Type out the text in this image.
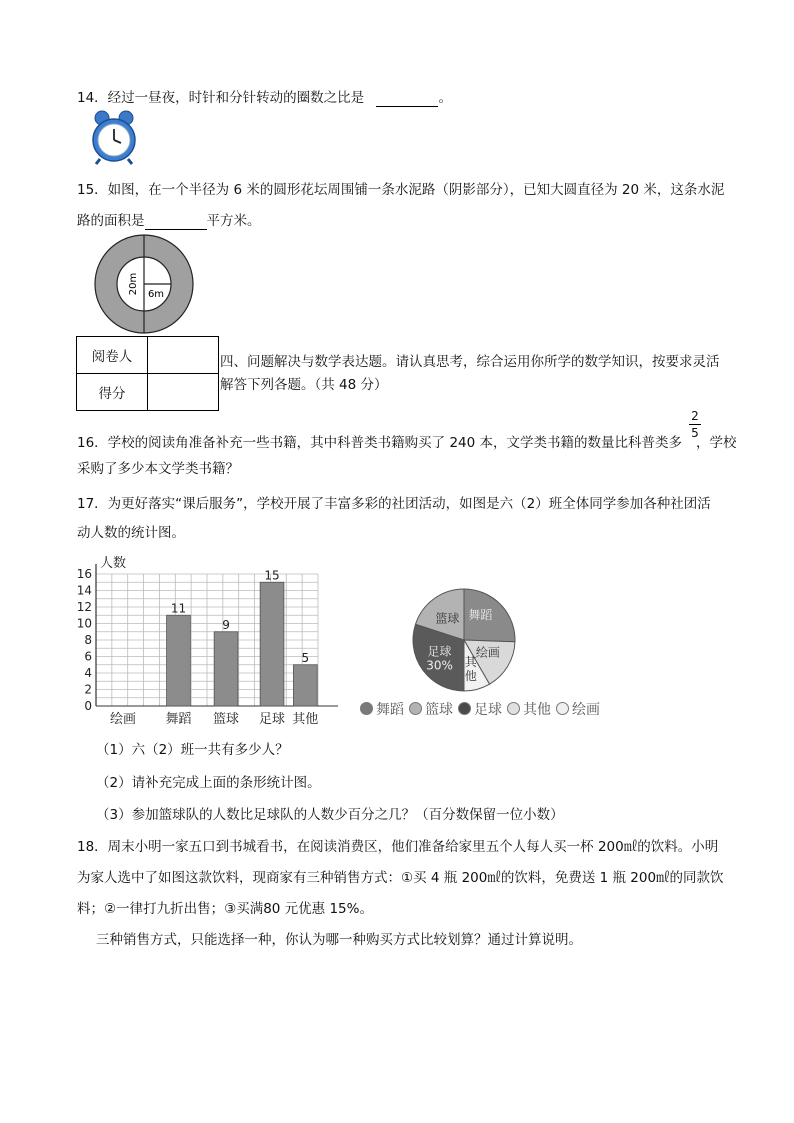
14．经过一昼夜，时针和分针转动的圈数之比是	。
15．如图，在一个半径为 6 米的圆形花坛周围铺一条水泥路（阴影部分），已知大圆直径为 20 米，这条水泥
路的面积是	平方米。
20m 6m
阅卷人	
得分	
四、问题解决与数学表达题。请认真思考，综合运用你所学的数学知识，按要求灵活
解答下列各题。（共 48 分）
16．学校的阅读角准备补充一些书籍，其中科普类书籍购买了 240 本，文学类书籍的数量比科普类多 ，学校
2
5
采购了多少本文学类书籍？
17．为更好落实“课后服务”，学校开展了丰富多彩的社团活动，如图是六（2）班全体同学参加各种社团活
动人数的统计图。
0
2
4
6
8
10
12
14
16
人数
绘画 舞蹈
11
篮球
9
足球
15
其他
5
舞蹈
绘画
其
他
足球
30%
篮球
舞蹈 篮球 足球 其他 绘画
（1）六（2）班一共有多少人？
（2）请补充完成上面的条形统计图。
（3）参加篮球队的人数比足球队的人数少百分之几？（百分数保留一位小数）
18．周末小明一家五口到书城看书，在阅读消费区，他们准备给家里五个人每人买一杯 200㎖的饮料。小明
为家人选中了如图这款饮料，现商家有三种销售方式：①买 4 瓶 200㎖的饮料，免费送 1 瓶 200㎖的同款饮
料；②一律打九折出售；③买满80 元优惠 15%。
三种销售方式，只能选择一种，你认为哪一种购买方式比较划算？通过计算说明。
